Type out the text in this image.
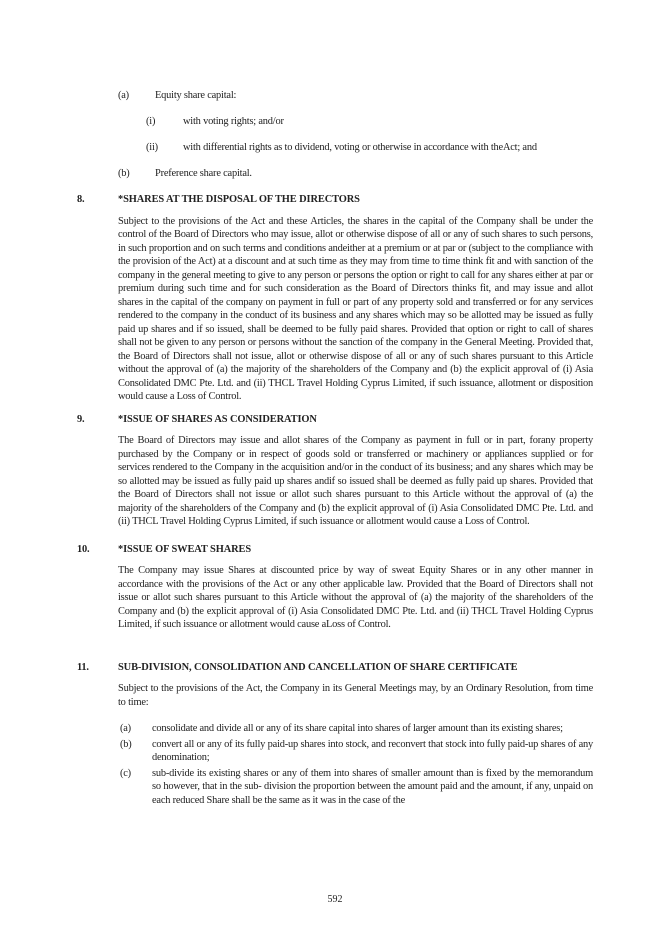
(a)	Equity share capital:
(i)	with voting rights; and/or
(ii) with differential rights as to dividend, voting or otherwise in accordance with theAct; and
(b) Preference share capital.
8.	*SHARES AT THE DISPOSAL OF THE DIRECTORS

Subject to the provisions of the Act and these Articles, the shares in the capital of the Company shall be under the control of the Board of Directors who may issue, allot or otherwise dispose of all or any of such shares to such persons, in such proportion and on such terms and conditions andeither at a premium or at par or (subject to the compliance with the provision of the Act) at a discount and at such time as they may from time to time think fit and with sanction of the company in the general meeting to give to any person or persons the option or right to call for any shares either at par or premium during such time and for such consideration as the Board of Directors thinks fit, and may issue and allot shares in the capital of the company on payment in full or part of any property sold and transferred or for any services rendered to the company in the conduct of its business and any shares which may so be allotted may be issued as fully paid up shares and if so issued, shall be deemed to be fully paid shares. Provided that option or right to call of shares shall not be given to any person or persons without the sanction of the company in the General Meeting. Provided that, the Board of Directors shall not issue, allot or otherwise dispose of all or any of such shares pursuant to this Article without the approval of (a) the majority of the shareholders of the Company and (b) the explicit approval of (i) Asia Consolidated DMC Pte. Ltd. and (ii) THCL Travel Holding Cyprus Limited, if such issuance, allotment or disposition would cause a Loss of Control.

9.	*ISSUE OF SHARES AS CONSIDERATION

The Board of Directors may issue and allot shares of the Company as payment in full or in part, forany property purchased by the Company or in respect of goods sold or transferred or machinery or appliances supplied or for services rendered to the Company in the acquisition and/or in the conduct of its business; and any shares which may be so allotted may be issued as fully paid up shares andif so issued shall be deemed as fully paid up shares. Provided that the Board of Directors shall not issue or allot such shares pursuant to this Article without the approval of (a) the majority of the shareholders of the Company and (b) the explicit approval of (i) Asia Consolidated DMC Pte. Ltd. and (ii) THCL Travel Holding Cyprus Limited, if such issuance or allotment would cause a Loss of Control.

10.	*ISSUE OF SWEAT SHARES

The Company may issue Shares at discounted price by way of sweat Equity Shares or in any other manner in accordance with the provisions of the Act or any other applicable law. Provided that the Board of Directors shall not issue or allot such shares pursuant to this Article without the approval of (a) the majority of the shareholders of the Company and (b) the explicit approval of (i) Asia Consolidated DMC Pte. Ltd. and (ii) THCL Travel Holding Cyprus Limited, if such issuance or allotment would cause aLoss of Control.

11.	SUB-DIVISION, CONSOLIDATION AND CANCELLATION OF SHARE CERTIFICATE

Subject to the provisions of the Act, the Company in its General Meetings may, by an Ordinary Resolution, from time to time:

(a) consolidate and divide all or any of its share capital into shares of larger amount than its existing shares;
(b) convert all or any of its fully paid-up shares into stock, and reconvert that stock into fully paid-up shares of any denomination;
(c) sub-divide its existing shares or any of them into shares of smaller amount than is fixed by the memorandum so however, that in the sub- division the proportion between the amount paid and the amount, if any, unpaid on each reduced Share shall be the same as it was in the case of the
592
